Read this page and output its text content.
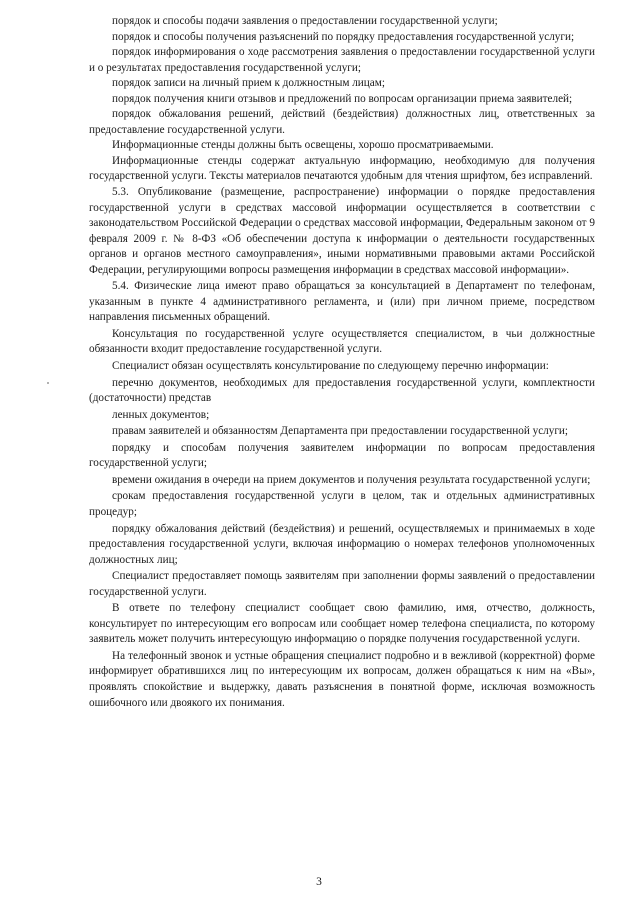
порядок и способы подачи заявления о предоставлении государственной услуги;

порядок и способы получения разъяснений по порядку предоставления государственной услуги;

порядок информирования о ходе рассмотрения заявления о предоставлении государственной услуги и о результатах предоставления государственной услуги;

порядок записи на личный прием к должностным лицам;

порядок получения книги отзывов и предложений по вопросам организации приема заявителей;

порядок обжалования решений, действий (бездействия) должностных лиц, ответственных за предоставление государственной услуги.

Информационные стенды должны быть освещены, хорошо просматриваемыми.

Информационные стенды содержат актуальную информацию, необходимую для получения государственной услуги. Тексты материалов печатаются удобным для чтения шрифтом, без исправлений.

5.3. Опубликование (размещение, распространение) информации о порядке предоставления государственной услуги в средствах массовой информации осуществляется в соответствии с законодательством Российской Федерации о средствах массовой информации, Федеральным законом от 9 февраля 2009 г. № 8-ФЗ «Об обеспечении доступа к информации о деятельности государственных органов и органов местного самоуправления», иными нормативными правовыми актами Российской Федерации, регулирующими вопросы размещения информации в средствах массовой информации».

5.4. Физические лица имеют право обращаться за консультацией в Департамент по телефонам, указанным в пункте 4 административного регламента, и (или) при личном приеме, посредством направления письменных обращений.

Консультация по государственной услуге осуществляется специалистом, в чьи должностные обязанности входит предоставление государственной услуги.

Специалист обязан осуществлять консультирование по следующему перечню информации:

перечню документов, необходимых для предоставления государственной услуги, комплектности (достаточности) представ

ленных документов;

правам заявителей и обязанностям Департамента при предоставлении государственной услуги;

порядку и способам получения заявителем информации по вопросам предоставления государственной услуги;

времени ожидания в очереди на прием документов и получения результата государственной услуги;

срокам предоставления государственной услуги в целом, так и отдельных административных процедур;

порядку обжалования действий (бездействия) и решений, осуществляемых и принимаемых в ходе предоставления государственной услуги, включая информацию о номерах телефонов уполномоченных должностных лиц;

Специалист предоставляет помощь заявителям при заполнении формы заявлений о предоставлении государственной услуги.

В ответе по телефону специалист сообщает свою фамилию, имя, отчество, должность, консультирует по интересующим его вопросам или сообщает номер телефона специалиста, по которому заявитель может получить интересующую информацию о порядке получения государственной услуги.

На телефонный звонок и устные обращения специалист подробно и в вежливой (корректной) форме информирует обратившихся лиц по интересующим их вопросам, должен обращаться к ним на «Вы», проявлять спокойствие и выдержку, давать разъяснения в понятной форме, исключая возможность ошибочного или двоякого их понимания.

3
